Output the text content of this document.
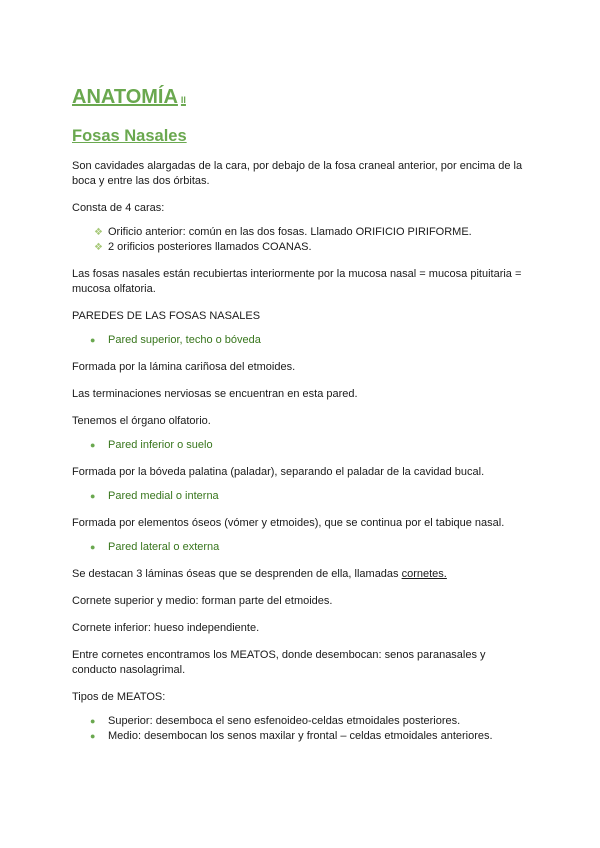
ANATOMÍA II
Fosas Nasales

Son cavidades alargadas de la cara, por debajo de la fosa craneal anterior, por encima de la boca y entre las dos órbitas.

Consta de 4 caras:

❖ Orificio anterior: común en las dos fosas. Llamado ORIFICIO PIRIFORME.
❖ 2 orificios posteriores llamados COANAS.

Las fosas nasales están recubiertas interiormente por la mucosa nasal = mucosa pituitaria = mucosa olfatoria.

PAREDES DE LAS FOSAS NASALES

●	Pared superior, techo o bóveda

Formada por la lámina cariñosa del etmoides.

Las terminaciones nerviosas se encuentran en esta pared.

Tenemos el órgano olfatorio.

●	Pared inferior o suelo

Formada por la bóveda palatina (paladar), separando el paladar de la cavidad bucal.

●	Pared medial o interna

Formada por elementos óseos (vómer y etmoides), que se continua por el tabique nasal.

●	Pared lateral o externa

Se destacan 3 láminas óseas que se desprenden de ella, llamadas cornetes.

Cornete superior y medio: forman parte del etmoides.

Cornete inferior: hueso independiente.

Entre cornetes encontramos los MEATOS, donde desembocan: senos paranasales y conducto nasolagrimal.

Tipos de MEATOS:

●	Superior: desemboca el seno esfenoideo-celdas etmoidales posteriores.
●	Medio: desembocan los senos maxilar y frontal – celdas etmoidales anteriores.
